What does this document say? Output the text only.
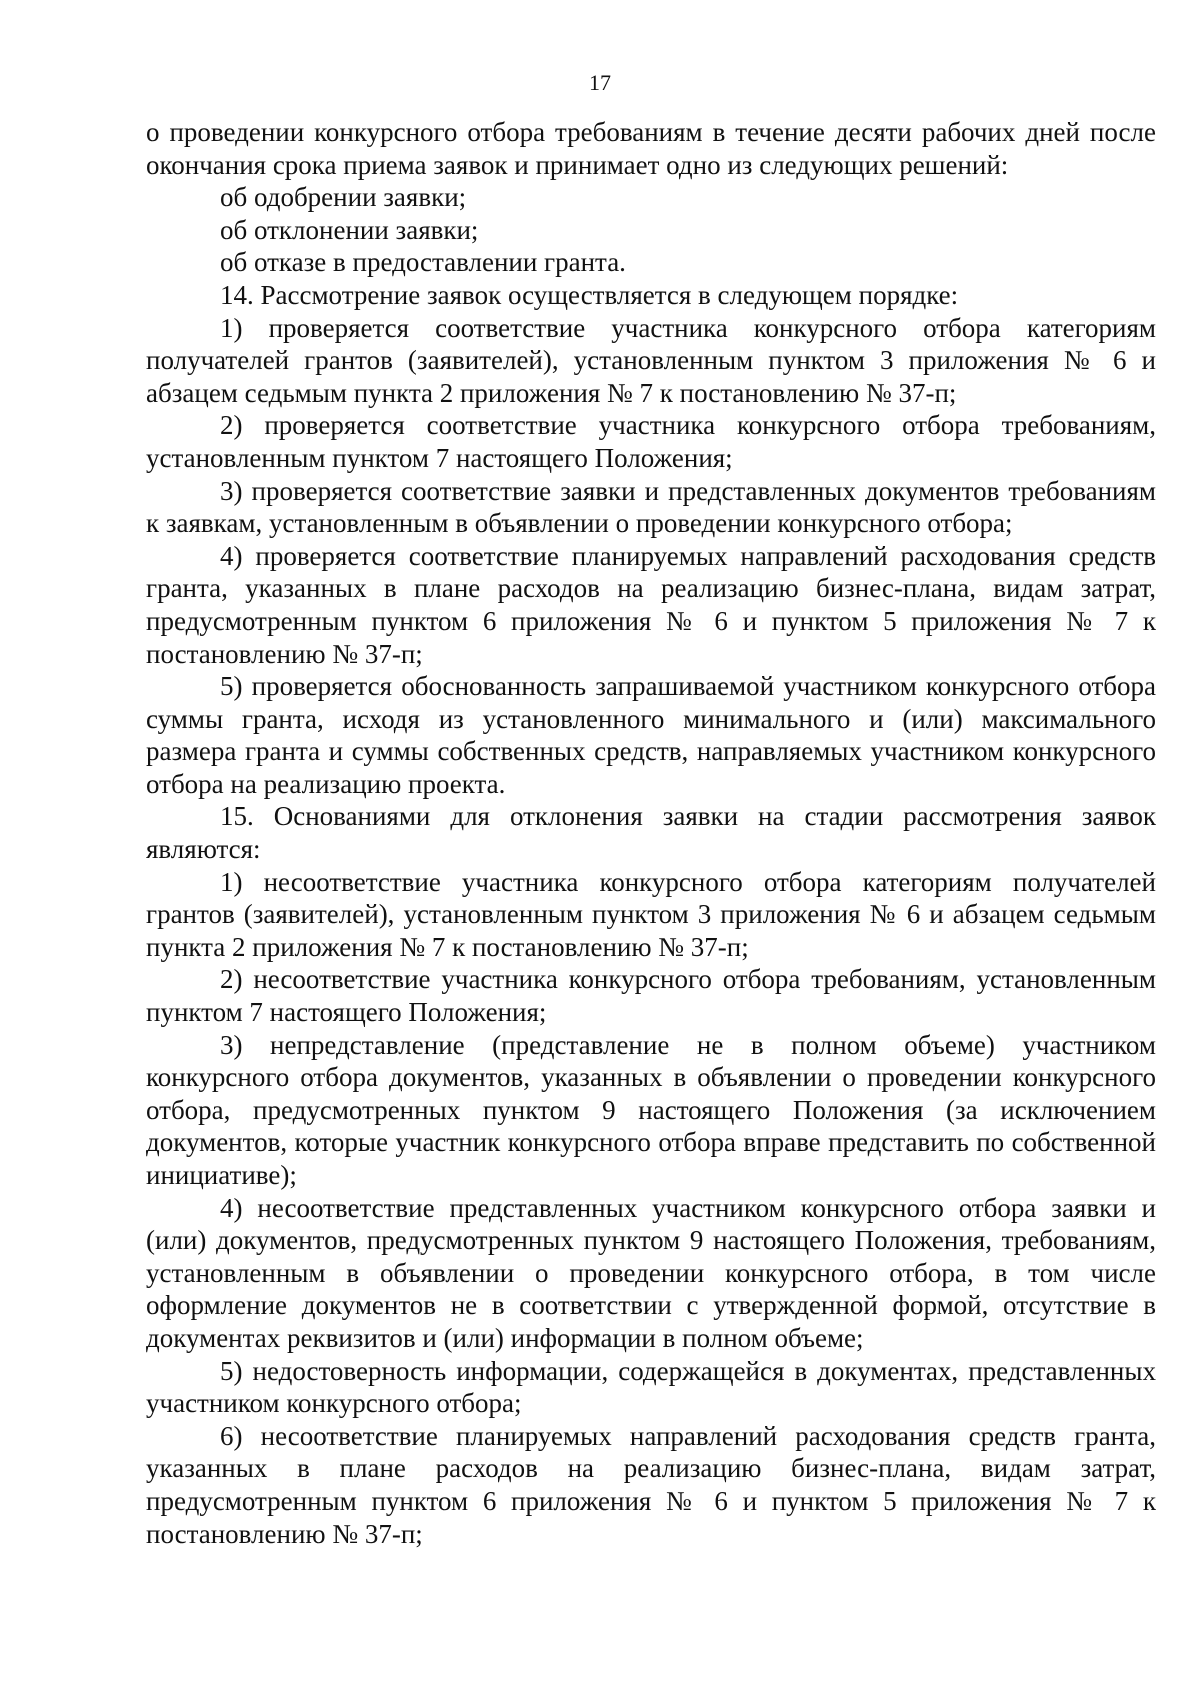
17

о проведении конкурсного отбора требованиям в течение десяти рабочих дней после окончания срока приема заявок и принимает одно из следующих решений:

об одобрении заявки;

об отклонении заявки;

об отказе в предоставлении гранта.

14. Рассмотрение заявок осуществляется в следующем порядке:

1) проверяется соответствие участника конкурсного отбора категориям получателей грантов (заявителей), установленным пунктом 3 приложения № 6 и абзацем седьмым пункта 2 приложения № 7 к постановлению № 37-п;

2) проверяется соответствие участника конкурсного отбора требованиям, установленным пунктом 7 настоящего Положения;

3) проверяется соответствие заявки и представленных документов требованиям к заявкам, установленным в объявлении о проведении конкурсного отбора;

4) проверяется соответствие планируемых направлений расходования средств гранта, указанных в плане расходов на реализацию бизнес-плана, видам затрат, предусмотренным пунктом 6 приложения № 6 и пунктом 5 приложения № 7 к постановлению № 37-п;

5) проверяется обоснованность запрашиваемой участником конкурсного отбора суммы гранта, исходя из установленного минимального и (или) максимального размера гранта и суммы собственных средств, направляемых участником конкурсного отбора на реализацию проекта.

15. Основаниями для отклонения заявки на стадии рассмотрения заявок являются:

1) несоответствие участника конкурсного отбора категориям получателей грантов (заявителей), установленным пунктом 3 приложения № 6 и абзацем седьмым пункта 2 приложения № 7 к постановлению № 37-п;

2) несоответствие участника конкурсного отбора требованиям, установленным пунктом 7 настоящего Положения;

3) непредставление (представление не в полном объеме) участником конкурсного отбора документов, указанных в объявлении о проведении конкурсного отбора, предусмотренных пунктом 9 настоящего Положения (за исключением документов, которые участник конкурсного отбора вправе представить по собственной инициативе);

4) несоответствие представленных участником конкурсного отбора заявки и (или) документов, предусмотренных пунктом 9 настоящего Положения, требованиям, установленным в объявлении о проведении конкурсного отбора, в том числе оформление документов не в соответствии с утвержденной формой, отсутствие в документах реквизитов и (или) информации в полном объеме;

5) недостоверность информации, содержащейся в документах, представленных участником конкурсного отбора;

6) несоответствие планируемых направлений расходования средств гранта, указанных в плане расходов на реализацию бизнес-плана, видам затрат, предусмотренным пунктом 6 приложения № 6 и пунктом 5 приложения № 7 к постановлению № 37-п;
